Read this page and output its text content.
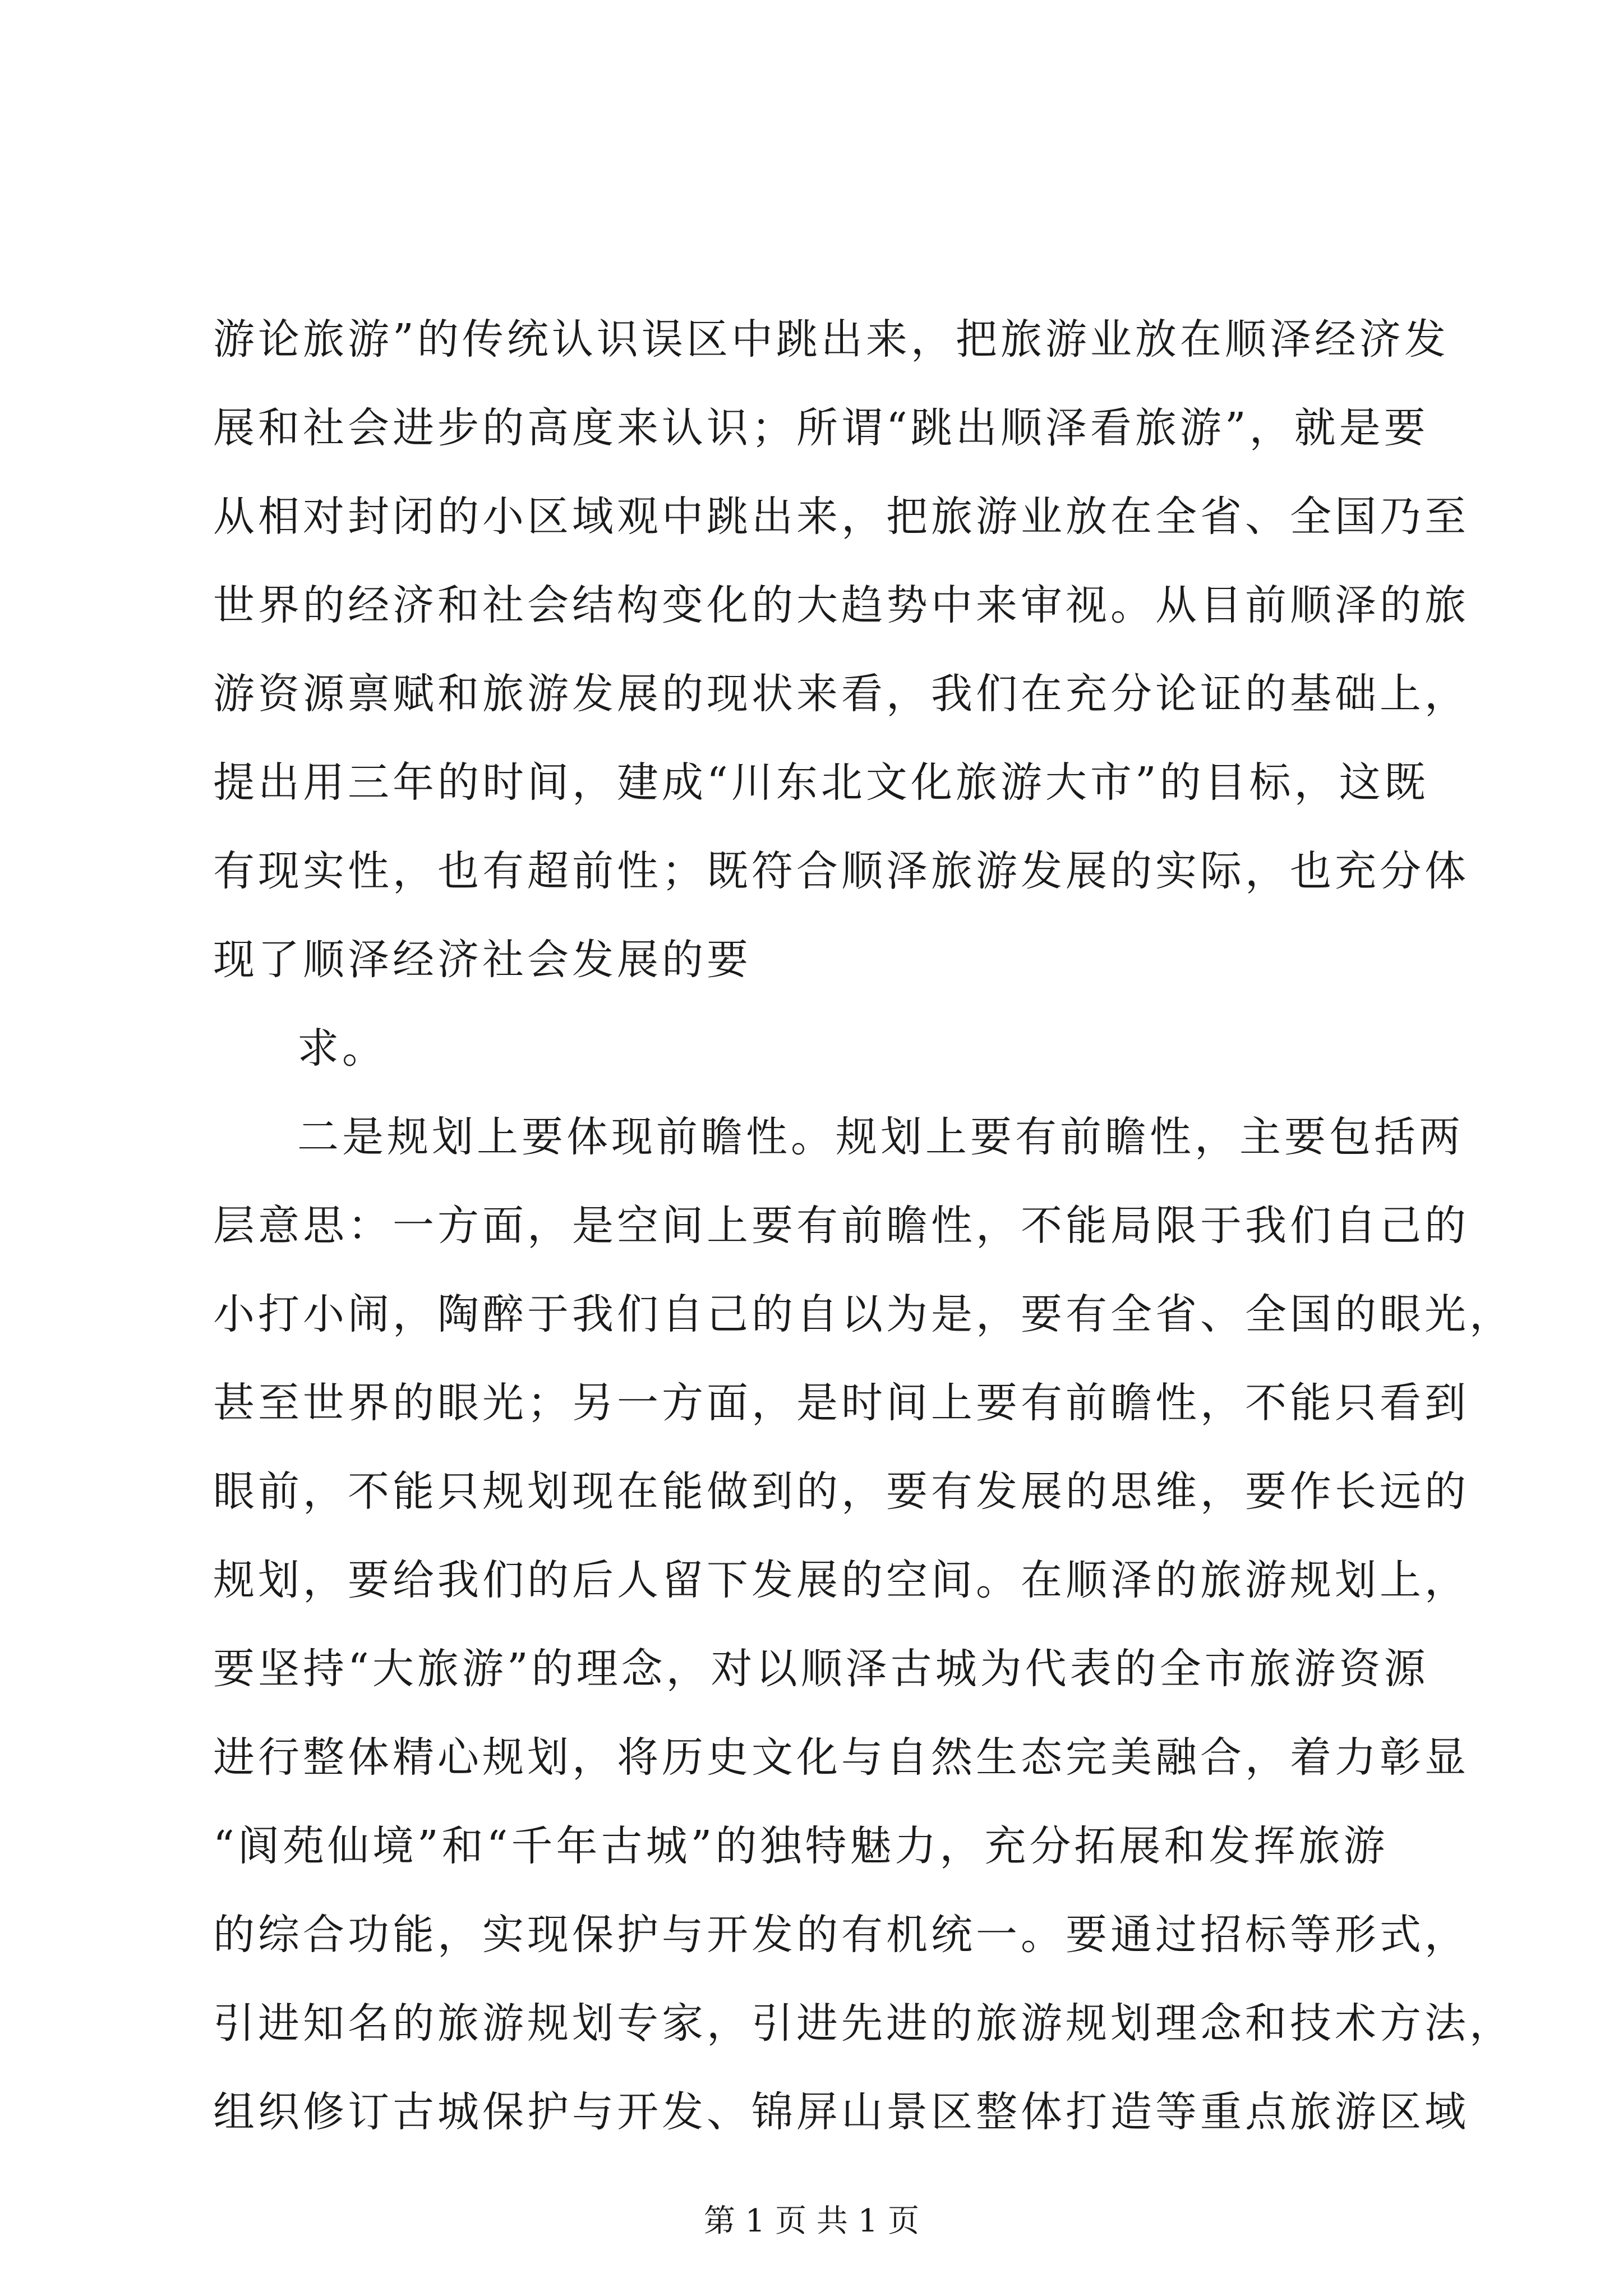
游论旅游”的传统认识误区中跳出来，把旅游业放在顺泽经济发
展和社会进步的高度来认识；所谓“跳出顺泽看旅游”，就是要
从相对封闭的小区域观中跳出来，把旅游业放在全省、全国乃至
世界的经济和社会结构变化的大趋势中来审视。从目前顺泽的旅
游资源禀赋和旅游发展的现状来看，我们在充分论证的基础上，
提出用三年的时间，建成“川东北文化旅游大市”的目标，这既
有现实性，也有超前性；既符合顺泽旅游发展的实际，也充分体
现了顺泽经济社会发展的要
求。
二是规划上要体现前瞻性。规划上要有前瞻性，主要包括两
层意思：一方面，是空间上要有前瞻性，不能局限于我们自己的
小打小闹，陶醉于我们自己的自以为是，要有全省、全国的眼光，
甚至世界的眼光；另一方面，是时间上要有前瞻性，不能只看到
眼前，不能只规划现在能做到的，要有发展的思维，要作长远的
规划，要给我们的后人留下发展的空间。在顺泽的旅游规划上，
要坚持“大旅游”的理念，对以顺泽古城为代表的全市旅游资源
进行整体精心规划，将历史文化与自然生态完美融合，着力彰显
“阆苑仙境”和“千年古城”的独特魅力，充分拓展和发挥旅游
的综合功能，实现保护与开发的有机统一。要通过招标等形式，
引进知名的旅游规划专家，引进先进的旅游规划理念和技术方法，
组织修订古城保护与开发、锦屏山景区整体打造等重点旅游区域
第 1 页 共 1 页
